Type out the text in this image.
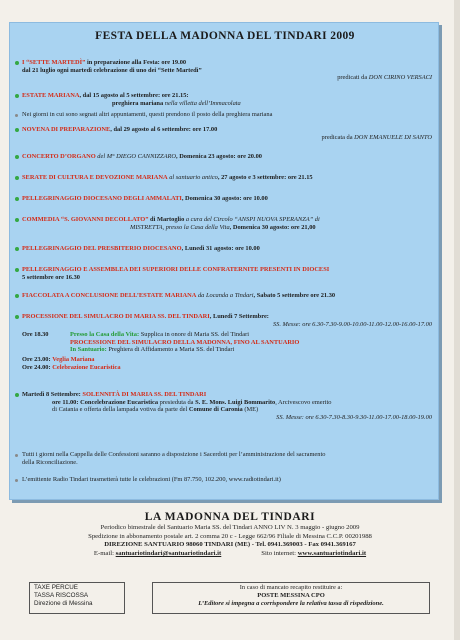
FESTA DELLA MADONNA DEL TINDARI 2009
I “SETTE MARTEDÌ” in preparazione alla Festa: ore 19.00
dal 21 luglio ogni martedì celebrazione di uno dei “Sette Martedì”
predicati da DON CIRINO VERSACI
ESTATE MARIANA, dal 15 agosto al 5 settembre: ore 21.15:
preghiera mariana nella villetta dell’Immacolata
Nei giorni in cui sono segnati altri appuntamenti, questi prendono il posto della preghiera mariana
NOVENA DI PREPARAZIONE, dal 29 agosto al 6 settembre: ore 17.00
predicata da DON EMANUELE DI SANTO
CONCERTO D’ORGANO del M° DIEGO CANNIZZARO, Domenica 23 agosto: ore 20.00
SERATE DI CULTURA E DEVOZIONE MARIANA al santuario antico, 27 agosto e 3 settembre: ore 21.15
PELLEGRINAGGIO DIOCESANO DEGLI AMMALATI, Domenica 30 agosto: ore 10.00
COMMEDIA “S. GIOVANNI DECOLLATO” di Martoglio a cura del Circolo “ANSPI NUOVA SPERANZA” di
MISTRETTA, presso la Casa della Vita, Domenica 30 agosto: ore 21,00
PELLEGRINAGGIO DEL PRESBITERIO DIOCESANO, Lunedì 31 agosto: ore 10.00
PELLEGRINAGGIO E ASSEMBLEA DEI SUPERIORI DELLE CONFRATERNITE PRESENTI IN DIOCESI
5 settembre ore 16.30
FIACCOLATA A CONCLUSIONE DELL’ESTATE MARIANA da Locanda a Tindari, Sabato 5 settembre ore 21.30
PROCESSIONE DEL SIMULACRO DI MARIA SS. DEL TINDARI, Lunedì 7 Settembre:
SS. Messe: ore 6.30-7.30-9.00-10.00-11.00-12.00-16.00-17.00
Ore 18.30	Presso la Casa della Vita: Supplica in onore di Maria SS. del Tindari
PROCESSIONE DEL SIMULACRO DELLA MADONNA, FINO AL SANTUARIO
In Santuario: Preghiera di Affidamento a Maria SS. del Tindari
Ore 23.00: Veglia Mariana
Ore 24.00: Celebrazione Eucaristica
Martedì 8 Settembre: SOLENNITÀ DI MARIA SS. DEL TINDARI
ore 11.00: Concelebrazione Eucaristica presieduta da S. E. Mons. Luigi Bommarito, Arcivescovo emerito
di Catania e offerta della lampada votiva da parte del Comune di Caronia (ME)
SS. Messe: ore 6.30-7.30-8.30-9.30-11.00-17.00-18.00-19.00
Tutti i giorni nella Cappella delle Confessioni saranno a disposizione i Sacerdoti per l’amministrazione del sacramento
della Riconciliazione.
L’emittente Radio Tindari trasmetterà tutte le celebrazioni (Fm 87.750, 102.200, www.radiotindari.it)
LA MADONNA DEL TINDARI
Periodico bimestrale del Santuario Maria SS. del Tindari ANNO LIV N. 3 maggio - giugno 2009
Spedizione in abbonamento postale art. 2 comma 20 c - Legge 662/96 Filiale di Messina C.C.P. 00201988
DIREZIONE SANTUARIO 98060 TINDARI (ME) - Tel. 0941.369003 - Fax 0941.369167
E-mail: santuariotindari@santuariotindari.it	Sito internet: www.santuariotindari.it
TAXE PERCUE
TASSA RISCOSSA
Direzione di Messina
In caso di mancato recapito restituire a:
POSTE MESSINA CPO
L’Editore si impegna a corrispondere la relativa tassa di rispedizione.
